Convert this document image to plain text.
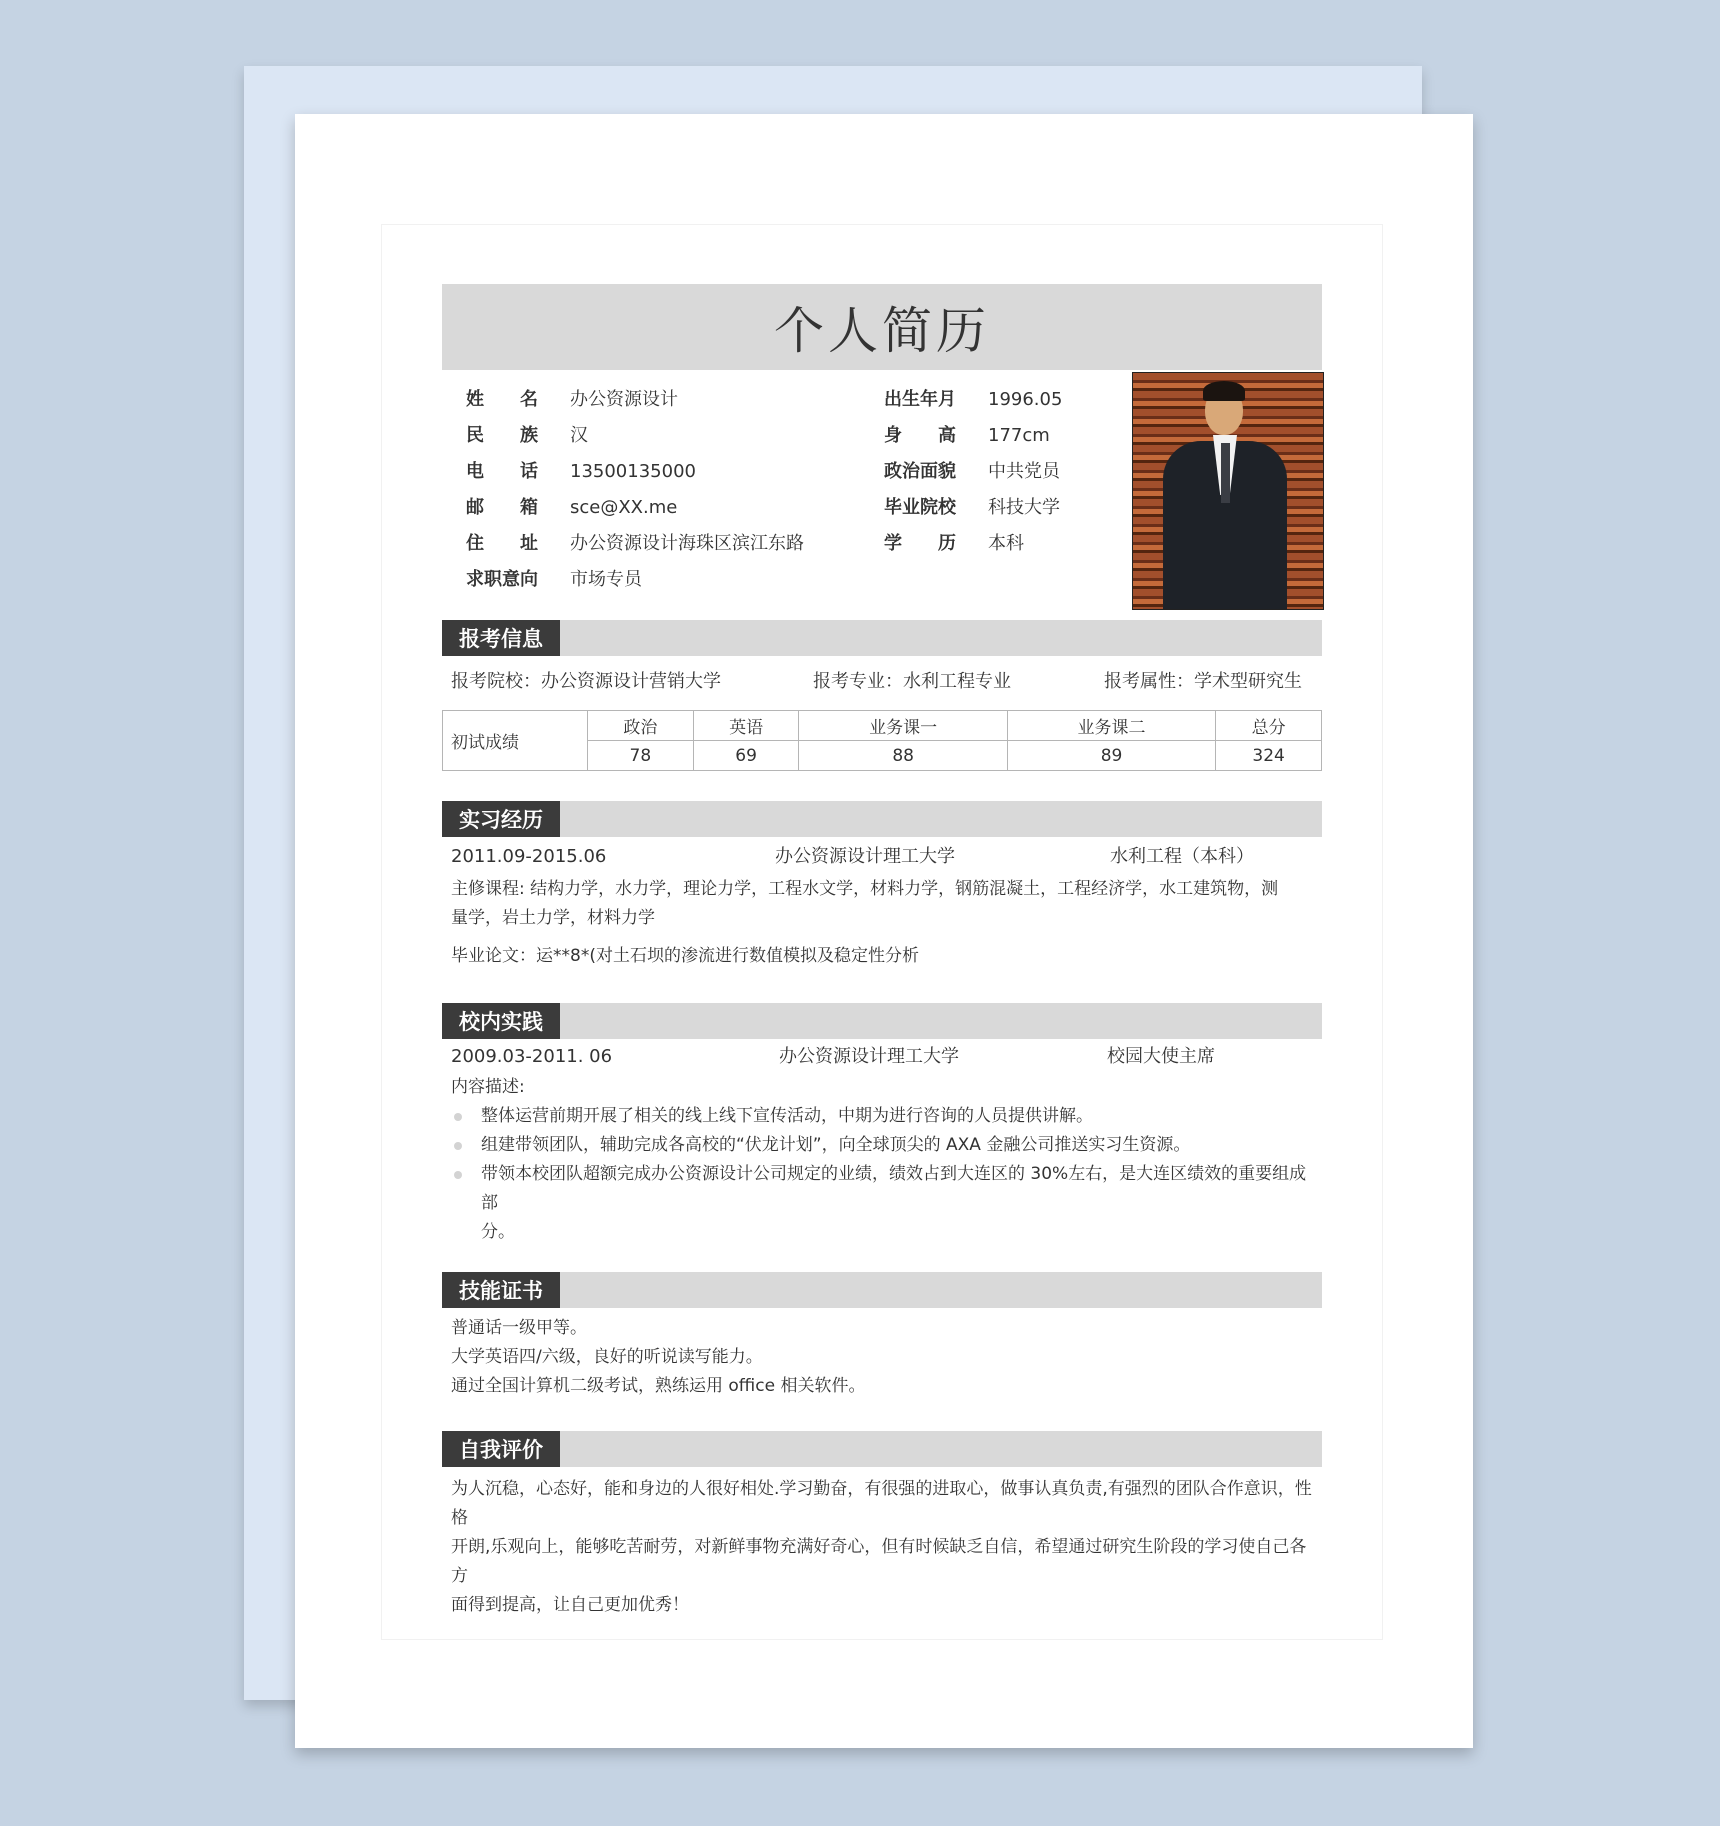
个人简历
姓 名 办公资源设计	出生年月 1996.05
民 族 汉	身 高 177cm
电 话 13500135000	政治面貌 中共党员
邮 箱 sce@XX.me	毕业院校 科技大学
住 址 办公资源设计海珠区滨江东路	学 历 本科
求职意向 市场专员
报考信息
报考院校：办公资源设计营销大学	报考专业：水利工程专业	报考属性：学术型研究生
初试成绩	政治	英语	业务课一	业务课二	总分
	78	69	88	89	324
实习经历
2011.09-2015.06	办公资源设计理工大学	水利工程（本科）
主修课程: 结构力学，水力学，理论力学，工程水文学，材料力学，钢筋混凝土，工程经济学，水工建筑物，测
量学，岩土力学，材料力学
毕业论文：运**8*(对土石坝的渗流进行数值模拟及稳定性分析
校内实践
2009.03-2011. 06	办公资源设计理工大学	校园大使主席
内容描述:
整体运营前期开展了相关的线上线下宣传活动，中期为进行咨询的人员提供讲解。
组建带领团队，辅助完成各高校的“伏龙计划”，向全球顶尖的 AXA 金融公司推送实习生资源。
带领本校团队超额完成办公资源设计公司规定的业绩，绩效占到大连区的 30%左右，是大连区绩效的重要组成部
分。
技能证书
普通话一级甲等。
大学英语四/六级，良好的听说读写能力。
通过全国计算机二级考试，熟练运用 office 相关软件。
自我评价
为人沉稳，心态好，能和身边的人很好相处.学习勤奋，有很强的进取心，做事认真负责,有强烈的团队合作意识，性格
开朗,乐观向上，能够吃苦耐劳，对新鲜事物充满好奇心，但有时候缺乏自信，希望通过研究生阶段的学习使自己各方
面得到提高，让自己更加优秀！
